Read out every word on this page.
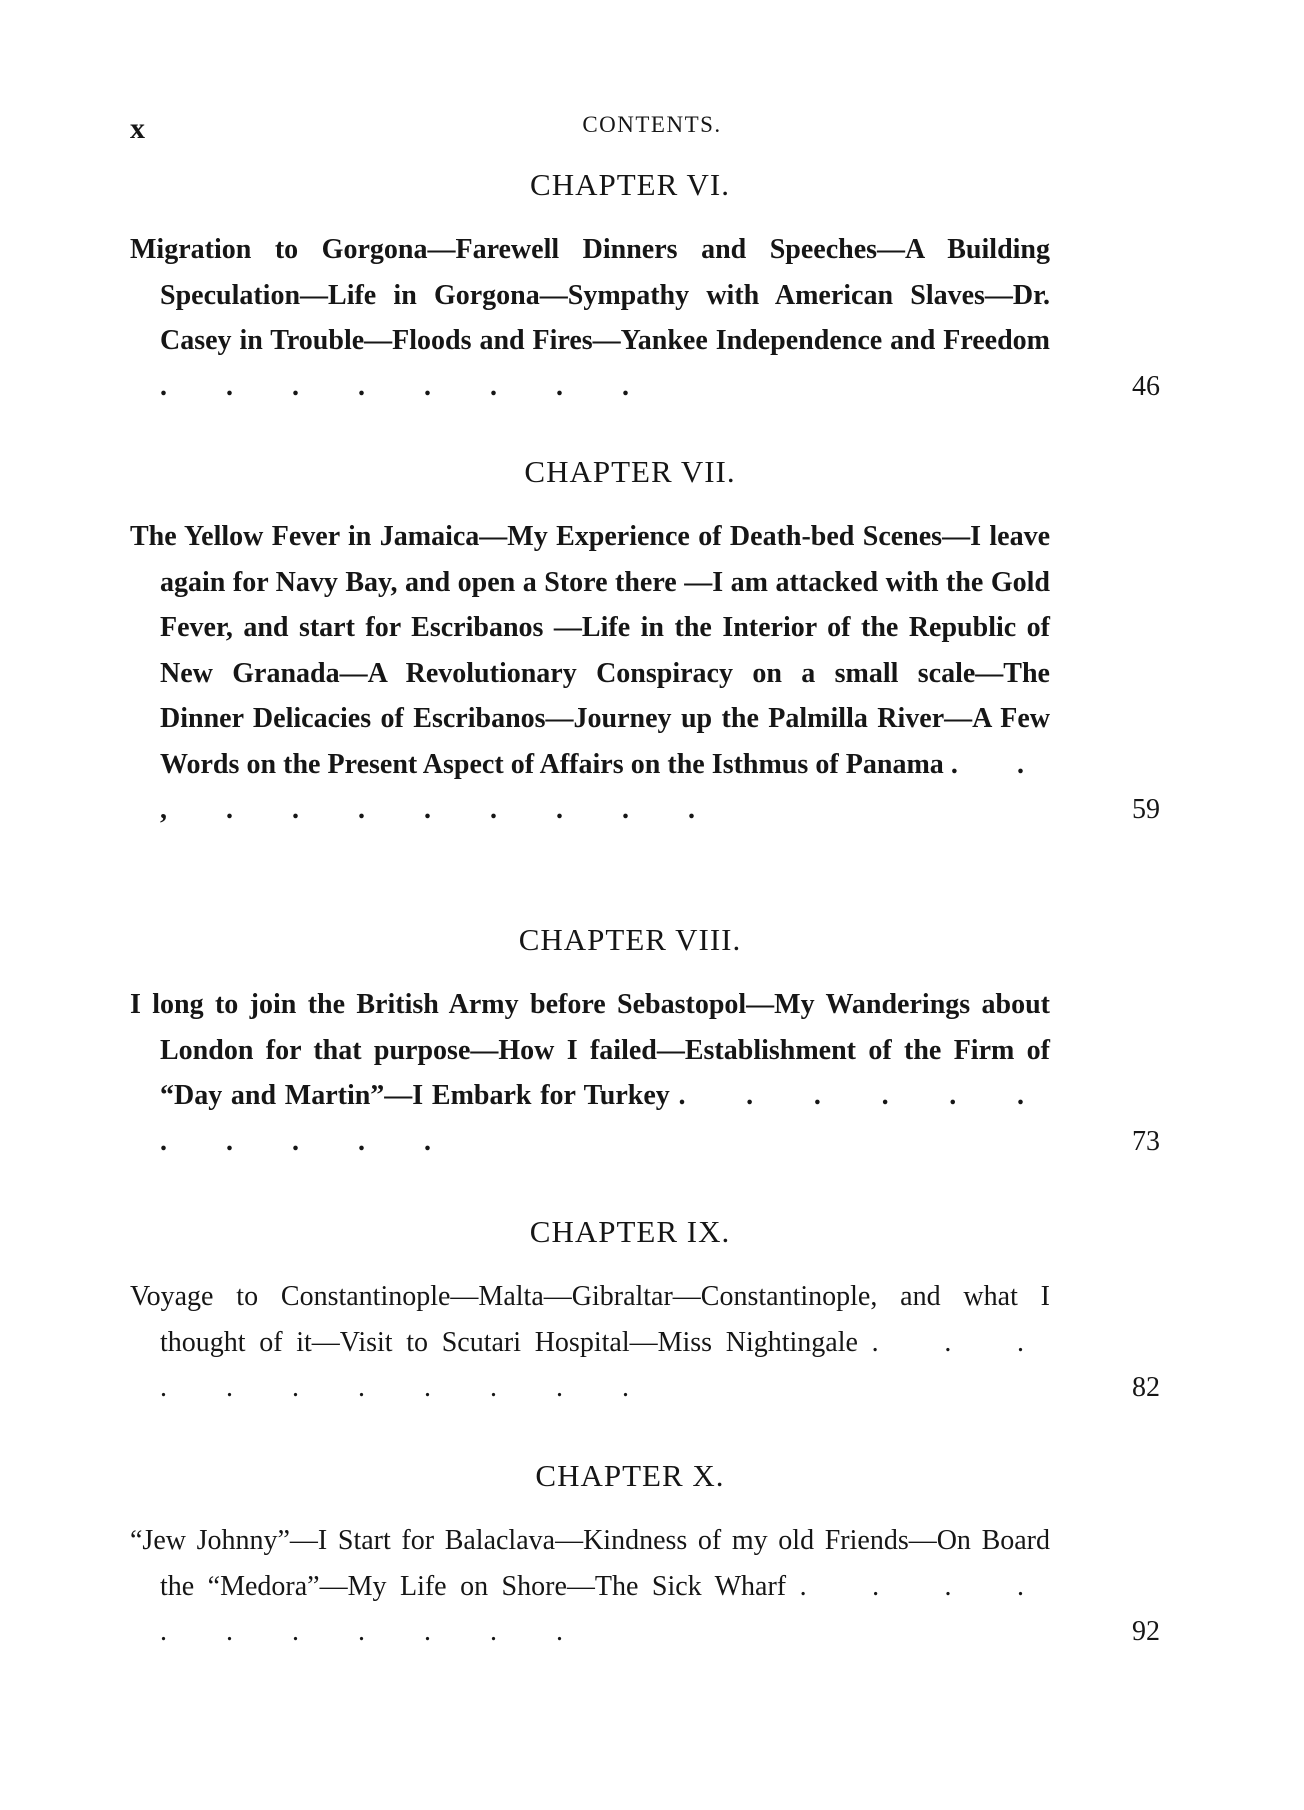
x	CONTENTS.
CHAPTER VI.
Migration to Gorgona—Farewell Dinners and Speeches—A Building Speculation—Life in Gorgona—Sympathy with American Slaves—Dr. Casey in Trouble—Floods and Fires—Yankee Independence and Freedom . . . . . . . .	46
CHAPTER VII.
The Yellow Fever in Jamaica—My Experience of Death-bed Scenes—I leave again for Navy Bay, and open a Store there —I am attacked with the Gold Fever, and start for Escribanos —Life in the Interior of the Republic of New Granada—A Revolutionary Conspiracy on a small scale—The Dinner Delicacies of Escribanos—Journey up the Palmilla River—A Few Words on the Present Aspect of Affairs on the Isthmus of Panama . . , . . . . . . . .	59
CHAPTER VIII.
I long to join the British Army before Sebastopol—My Wanderings about London for that purpose—How I failed—Establishment of the Firm of “Day and Martin”—I Embark for Turkey . . . . . . . . . . .	73
CHAPTER IX.
Voyage to Constantinople—Malta—Gibraltar—Constantinople, and what I thought of it—Visit to Scutari Hospital—Miss Nightingale . . . . . . . . . . .	82
CHAPTER X.
“Jew Johnny”—I Start for Balaclava—Kindness of my old Friends—On Board the “Medora”—My Life on Shore—The Sick Wharf . . . . . . . . . . .	92
